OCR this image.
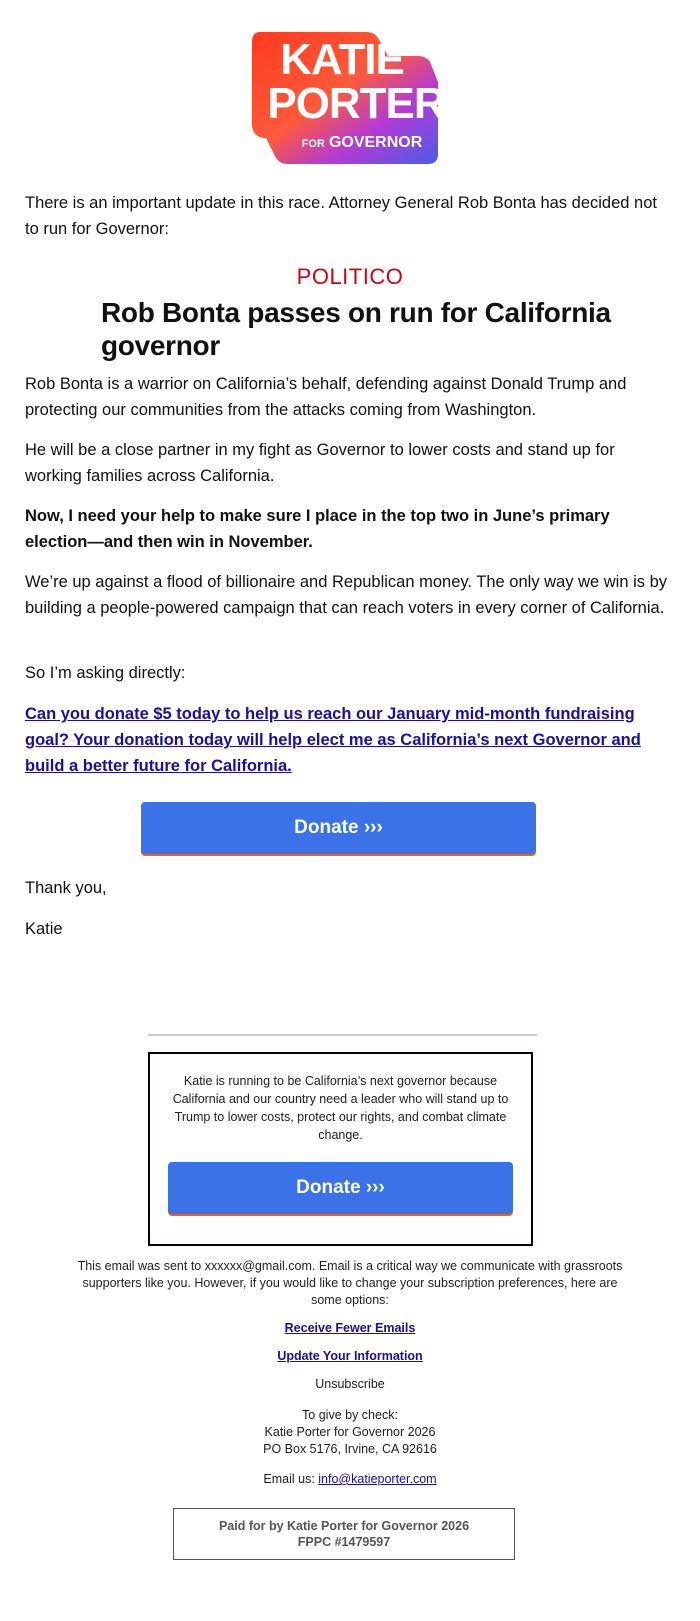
KATIE
PORTER
FOR GOVERNOR

There is an important update in this race. Attorney General Rob Bonta has decided not to run for Governor:

POLITICO
Rob Bonta passes on run for California governor

Rob Bonta is a warrior on California’s behalf, defending against Donald Trump and protecting our communities from the attacks coming from Washington.

He will be a close partner in my fight as Governor to lower costs and stand up for working families across California.

Now, I need your help to make sure I place in the top two in June’s primary election—and then win in November.

We’re up against a flood of billionaire and Republican money. The only way we win is by building a people-powered campaign that can reach voters in every corner of California.

So I’m asking directly:

Can you donate $5 today to help us reach our January mid-month fundraising goal? Your donation today will help elect me as California’s next Governor and build a better future for California.

Donate ›››

Thank you,

Katie

Katie is running to be California’s next governor because California and our country need a leader who will stand up to Trump to lower costs, protect our rights, and combat climate change.

Donate ›››

This email was sent to xxxxxx@gmail.com. Email is a critical way we communicate with grassroots supporters like you. However, if you would like to change your subscription preferences, here are some options:

Receive Fewer Emails

Update Your Information

Unsubscribe

To give by check:

Katie Porter for Governor 2026

PO Box 5176, Irvine, CA 92616

Email us: info@katieporter.com

Paid for by Katie Porter for Governor 2026
FPPC #1479597
